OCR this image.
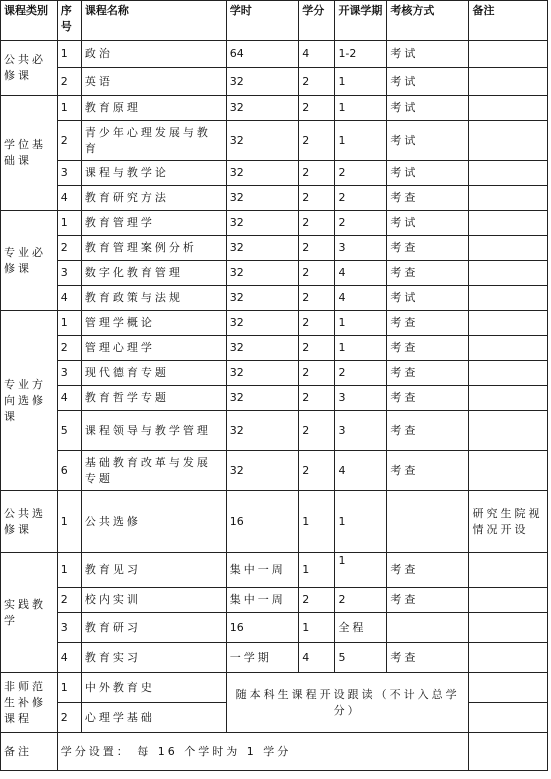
课程类别	序号	课程名称	学时	学分	开课学期	考核方式	备注
公共必修课	1	政治	64	4	1-2	考试	
	2	英语	32	2	1	考试	
学位基础课	1	教育原理	32	2	1	考试	
	2	青少年心理发展与教育	32	2	1	考试	
	3	课程与教学论	32	2	2	考试	
	4	教育研究方法	32	2	2	考查	
专业必修课	1	教育管理学	32	2	2	考试	
	2	教育管理案例分析	32	2	3	考查	
	3	数字化教育管理	32	2	4	考查	
	4	教育政策与法规	32	2	4	考试	
专业方向选修课	1	管理学概论	32	2	1	考查	
	2	管理心理学	32	2	1	考查	
	3	现代德育专题	32	2	2	考查	
	4	教育哲学专题	32	2	3	考查	
	5	课程领导与教学管理	32	2	3	考查	
	6	基础教育改革与发展专题	32	2	4	考查	
公共选修课	1	公共选修	16	1	1		研究生院视情况开设
实践教学	1	教育见习	集中一周	1	1	考查	
	2	校内实训	集中一周	2	2	考查	
	3	教育研习	16	1	全程		
	4	教育实习	一学期	4	5	考查	
非师范生补修课程	1	中外教育史	随本科生课程开设跟读（不计入总学分）				
	2	心理学基础					
备注	学分设置： 每 16 个学时为 1 学分						
